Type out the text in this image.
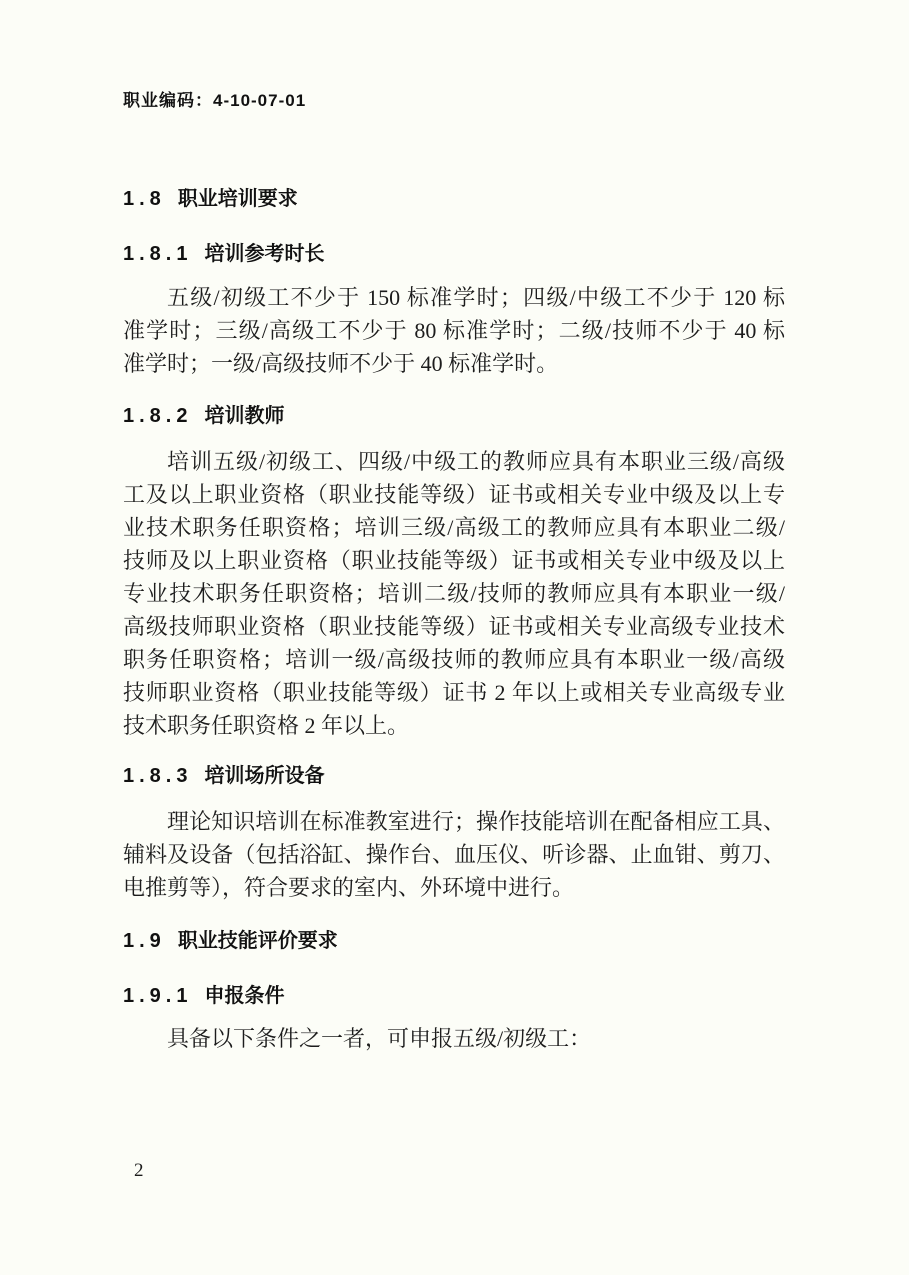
职业编码：4-10-07-01
1.8 职业培训要求
1.8.1 培训参考时长
五级/初级工不少于 150 标准学时；四级/中级工不少于 120 标
准学时；三级/高级工不少于 80 标准学时；二级/技师不少于 40 标
准学时；一级/高级技师不少于 40 标准学时。
1.8.2 培训教师
培训五级/初级工、四级/中级工的教师应具有本职业三级/高级
工及以上职业资格（职业技能等级）证书或相关专业中级及以上专
业技术职务任职资格；培训三级/高级工的教师应具有本职业二级/
技师及以上职业资格（职业技能等级）证书或相关专业中级及以上
专业技术职务任职资格；培训二级/技师的教师应具有本职业一级/
高级技师职业资格（职业技能等级）证书或相关专业高级专业技术
职务任职资格；培训一级/高级技师的教师应具有本职业一级/高级
技师职业资格（职业技能等级）证书 2 年以上或相关专业高级专业
技术职务任职资格 2 年以上。
1.8.3 培训场所设备
理论知识培训在标准教室进行；操作技能培训在配备相应工具、
辅料及设备（包括浴缸、操作台、血压仪、听诊器、止血钳、剪刀、
电推剪等），符合要求的室内、外环境中进行。
1.9 职业技能评价要求
1.9.1 申报条件
具备以下条件之一者，可申报五级/初级工：
2
